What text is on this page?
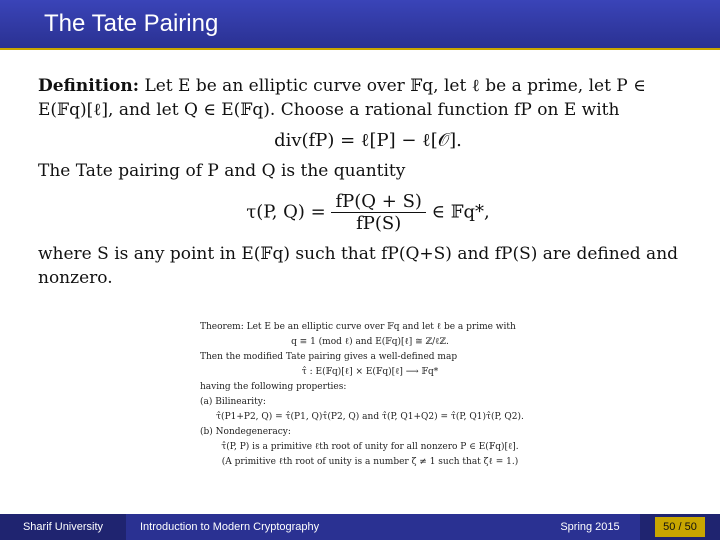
The Tate Pairing

Definition: Let E be an elliptic curve over 𝔽q, let ℓ be a prime, let P ∈ E(𝔽q)[ℓ], and let Q ∈ E(𝔽q). Choose a rational function fP on E with

div(fP) = ℓ[P] − ℓ[𝒪].

The Tate pairing of P and Q is the quantity

τ(P, $Q) = \frac{fP(Q + S)}{fP(S)}$ ∈ 𝔽q*,

where S is any point in E(𝔽q) such that fP(Q+S) and fP(S) are defined and nonzero.

Theorem: Let E be an elliptic curve over 𝔽q and let ℓ be a prime with
q ≡ 1 (mod ℓ) and E(𝔽q)[ℓ] ≅ ℤ/ℓℤ.
Then the modified Tate pairing gives a well-defined map
τ̂ : E(𝔽q)[ℓ] × E(𝔽q)[ℓ] ⟶ 𝔽q*
having the following properties:
(a) Bilinearity:
τ̂(P1+P2, Q) = τ̂(P1, Q)τ̂(P2, Q) and τ̂(P, Q1+Q2) = τ̂(P, Q1)τ̂(P, Q2).
(b) Nondegeneracy:
τ̂(P, P) is a primitive ℓth root of unity for all nonzero P ∈ E(𝔽q)[ℓ].
(A primitive ℓth root of unity is a number ζ ≠ 1 such that ζℓ = 1.)
Sharif University	Introduction to Modern Cryptography	Spring 2015	50 / 50
